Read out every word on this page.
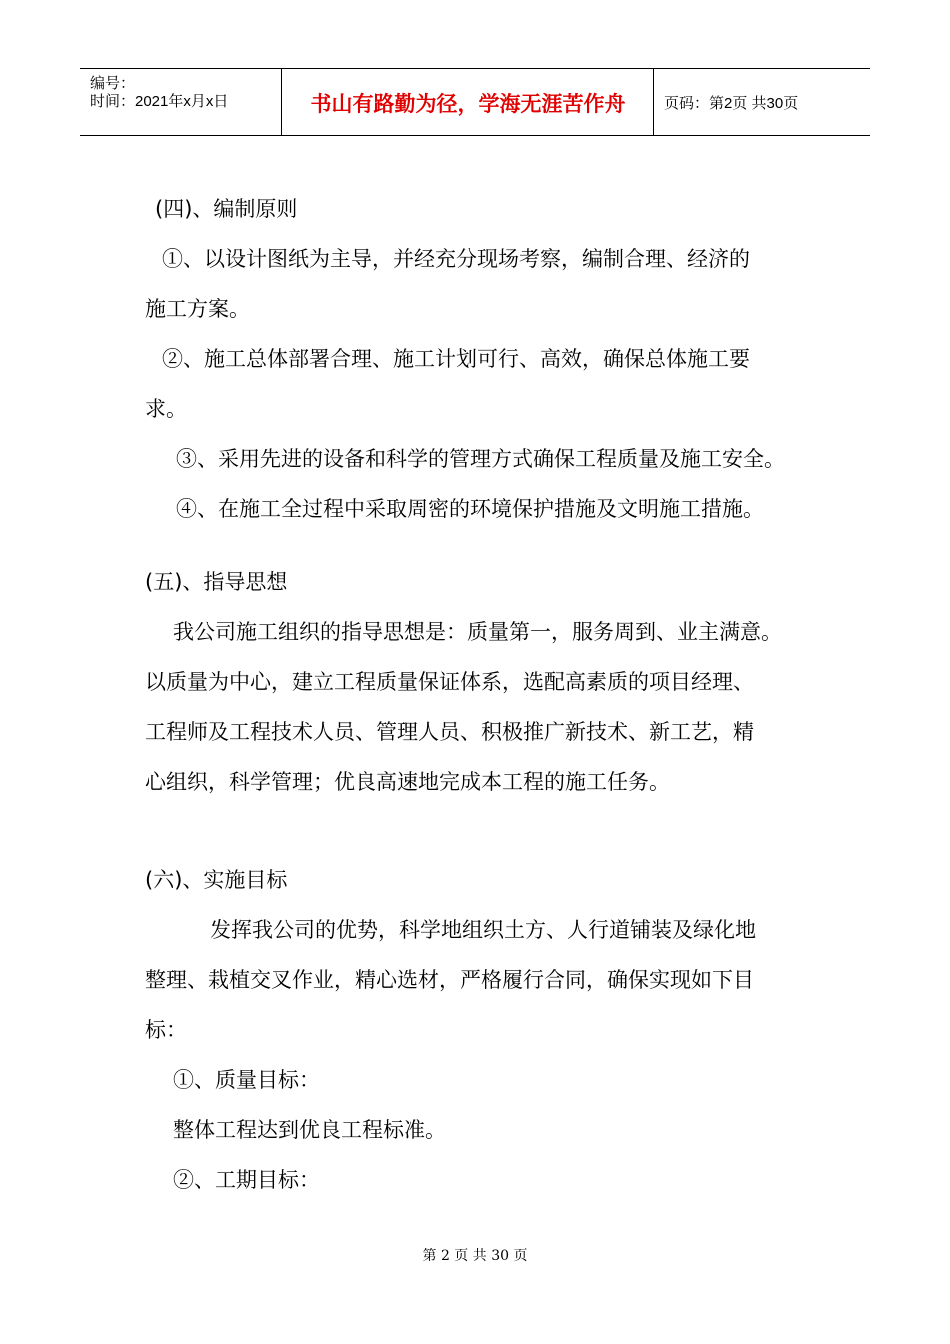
编号：
时间：2021年x月x日	书山有路勤为径，学海无涯苦作舟	页码：第2页 共30页
(四)、编制原则
①、以设计图纸为主导，并经充分现场考察，编制合理、经济的
施工方案。
②、施工总体部署合理、施工计划可行、高效，确保总体施工要
求。
③、采用先进的设备和科学的管理方式确保工程质量及施工安全。
④、在施工全过程中采取周密的环境保护措施及文明施工措施。
(五)、指导思想
我公司施工组织的指导思想是：质量第一，服务周到、业主满意。
以质量为中心，建立工程质量保证体系，选配高素质的项目经理、
工程师及工程技术人员、管理人员、积极推广新技术、新工艺，精
心组织，科学管理；优良高速地完成本工程的施工任务。
(六)、实施目标
发挥我公司的优势，科学地组织土方、人行道铺装及绿化地
整理、栽植交叉作业，精心选材，严格履行合同，确保实现如下目
标：
①、质量目标：
整体工程达到优良工程标准。
②、工期目标：
第 2 页 共 30 页
